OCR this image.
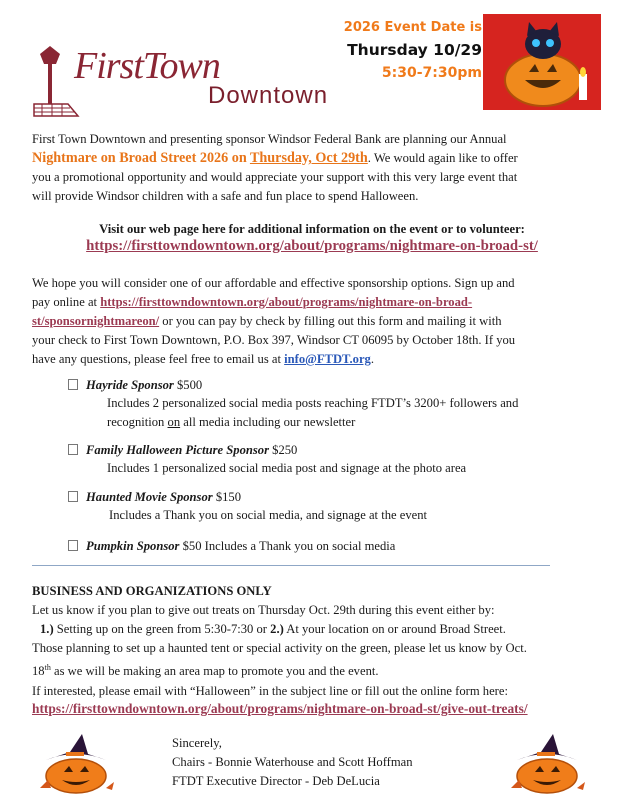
FirstTown
Downtown
2026 Event Date is
Thursday 10/29
5:30-7:30pm
First Town Downtown and presenting sponsor Windsor Federal Bank are planning our Annual
Nightmare on Broad Street 2026 on Thursday, Oct 29th. We would again like to offer
you a promotional opportunity and would appreciate your support with this very large event that
will provide Windsor children with a safe and fun place to spend Halloween.
Visit our web page here for additional information on the event or to volunteer:
https://firsttowndowntown.org/about/programs/nightmare-on-broad-st/
We hope you will consider one of our affordable and effective sponsorship options. Sign up and
pay online at https://firsttowndowntown.org/about/programs/nightmare-on-broad-
st/sponsornightmareon/ or you can pay by check by filling out this form and mailing it with
your check to First Town Downtown, P.O. Box 397, Windsor CT 06095 by October 18th. If you
have any questions, please feel free to email us at info@FTDT.org.
Hayride Sponsor $500
Includes 2 personalized social media posts reaching FTDT’s 3200+ followers and
recognition on all media including our newsletter
Family Halloween Picture Sponsor $250
Includes 1 personalized social media post and signage at the photo area
Haunted Movie Sponsor $150
Includes a Thank you on social media, and signage at the event
Pumpkin Sponsor $50 Includes a Thank you on social media
BUSINESS AND ORGANIZATIONS ONLY
Let us know if you plan to give out treats on Thursday Oct. 29th during this event either by:
1.) Setting up on the green from 5:30-7:30 or 2.) At your location on or around Broad Street.
Those planning to set up a haunted tent or special activity on the green, please let us know by Oct.
18th as we will be making an area map to promote you and the event.
If interested, please email with “Halloween” in the subject line or fill out the online form here:
https://firsttowndowntown.org/about/programs/nightmare-on-broad-st/give-out-treats/
Sincerely,
Chairs - Bonnie Waterhouse and Scott Hoffman
FTDT Executive Director - Deb DeLucia
